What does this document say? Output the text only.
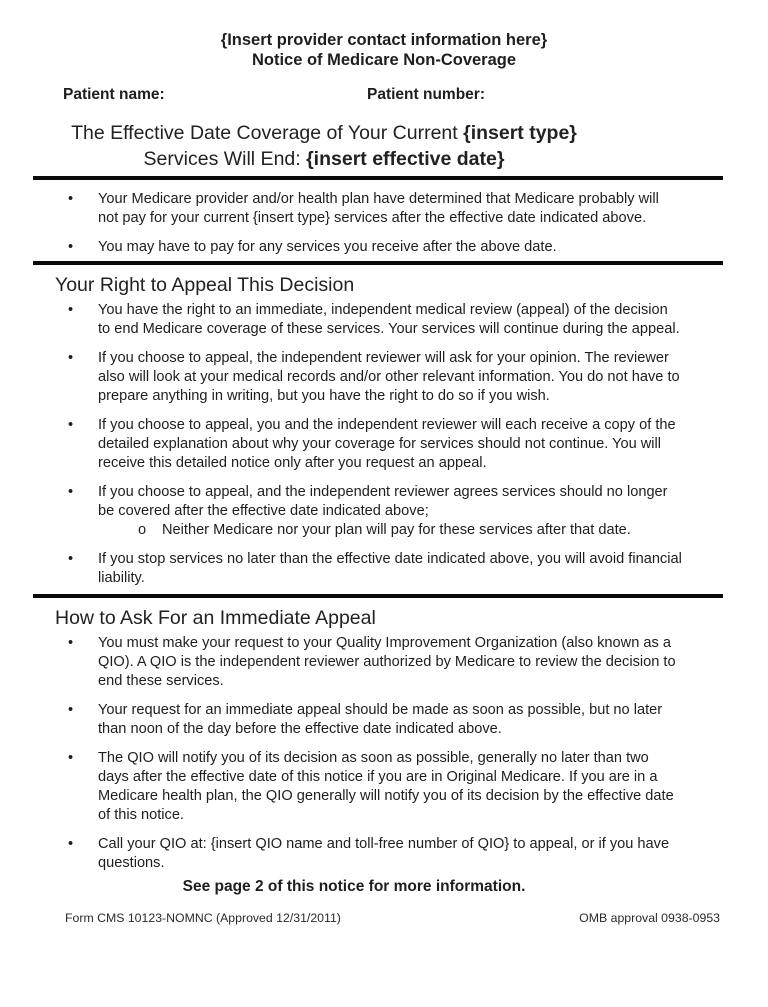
{Insert provider contact information here}
Notice of Medicare Non-Coverage
Patient name:	Patient number:
The Effective Date Coverage of Your Current {insert type}
Services Will End: {insert effective date}
•	Your Medicare provider and/or health plan have determined that Medicare probably will not pay for your current {insert type} services after the effective date indicated above.
•	You may have to pay for any services you receive after the above date.
Your Right to Appeal This Decision
•	You have the right to an immediate, independent medical review (appeal) of the decision to end Medicare coverage of these services. Your services will continue during the appeal.
•	If you choose to appeal, the independent reviewer will ask for your opinion. The reviewer also will look at your medical records and/or other relevant information. You do not have to prepare anything in writing, but you have the right to do so if you wish.
•	If you choose to appeal, you and the independent reviewer will each receive a copy of the detailed explanation about why your coverage for services should not continue. You will receive this detailed notice only after you request an appeal.
•	If you choose to appeal, and the independent reviewer agrees services should no longer be covered after the effective date indicated above;
o	Neither Medicare nor your plan will pay for these services after that date.
•	If you stop services no later than the effective date indicated above, you will avoid financial liability.
How to Ask For an Immediate Appeal
•	You must make your request to your Quality Improvement Organization (also known as a QIO). A QIO is the independent reviewer authorized by Medicare to review the decision to end these services.
•	Your request for an immediate appeal should be made as soon as possible, but no later than noon of the day before the effective date indicated above.
•	The QIO will notify you of its decision as soon as possible, generally no later than two days after the effective date of this notice if you are in Original Medicare. If you are in a Medicare health plan, the QIO generally will notify you of its decision by the effective date of this notice.
•	Call your QIO at: {insert QIO name and toll-free number of QIO} to appeal, or if you have questions.
See page 2 of this notice for more information.
Form CMS 10123-NOMNC (Approved 12/31/2011)	OMB approval 0938-0953
